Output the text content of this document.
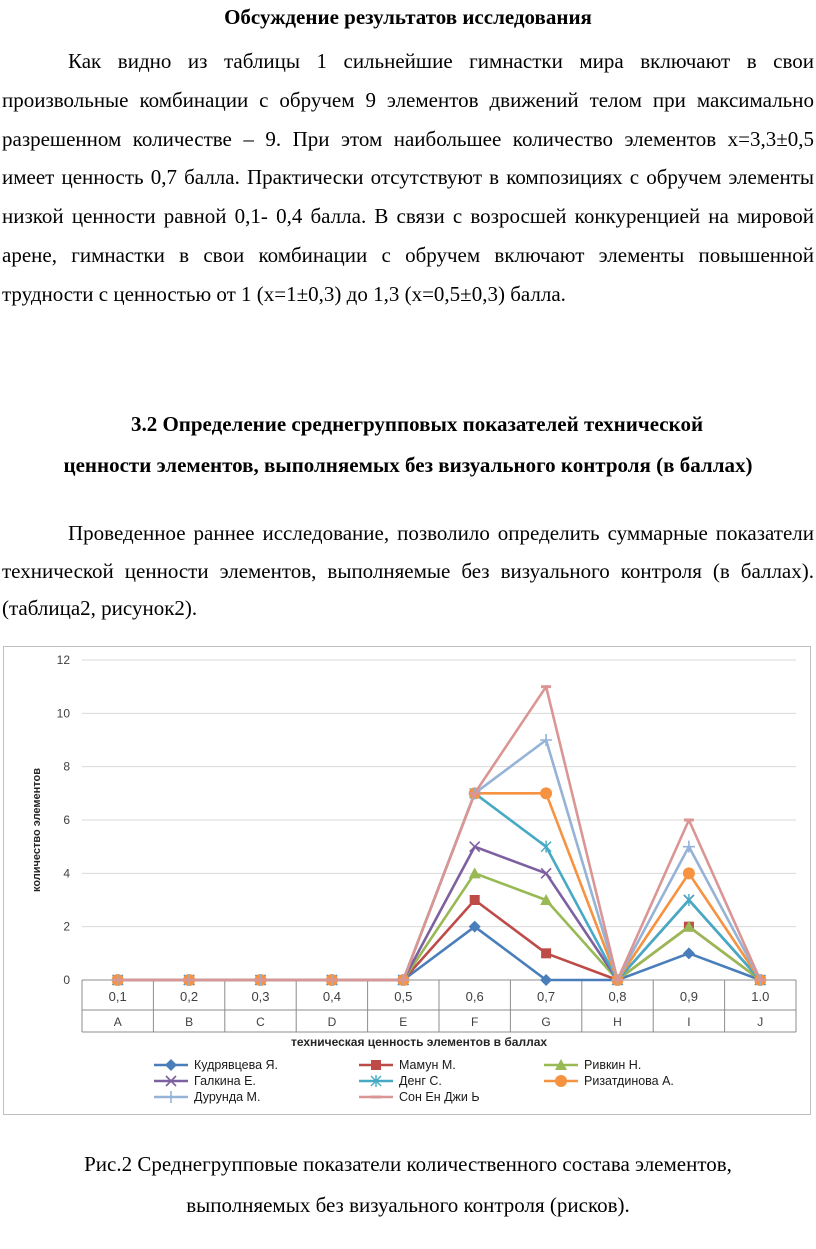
Обсуждение результатов исследования
Как видно из таблицы 1 сильнейшие гимнастки мира включают в свои произвольные комбинации с обручем 9 элементов движений телом при максимально разрешенном количестве – 9. При этом наибольшее количество элементов х=3,3±0,5 имеет ценность 0,7 балла. Практически отсутствуют в композициях с обручем элементы низкой ценности равной 0,1- 0,4 балла. В связи с возросшей конкуренцией на мировой арене, гимнастки в свои комбинации с обручем включают элементы повышенной трудности с ценностью от 1 (х=1±0,3) до 1,3 (х=0,5±0,3) балла.
3.2 Определение среднегрупповых показателей технической
ценности элементов, выполняемых без визуального контроля (в баллах)
Проведенное раннее исследование, позволило определить суммарные показатели технической ценности элементов, выполняемые без визуального контроля (в баллах). (таблица2, рисунок2).
0
2
4
6
8
10
12
0,1	0,2	0,3	0,4	0,5	0,6	0,7	0,8	0,9	1.0
A	B	C	D	E	F	G	H	I	J
техническая ценность элементов в баллах
количество элементов
Кудрявцева Я.	Мамун М.	Ривкин Н.
Галкина Е.	Денг С.	Ризатдинова А.
Дурунда М.	Сон Ен Джи Ь
Рис.2 Среднегрупповые показатели количественного состава элементов,
выполняемых без визуального контроля (рисков).
